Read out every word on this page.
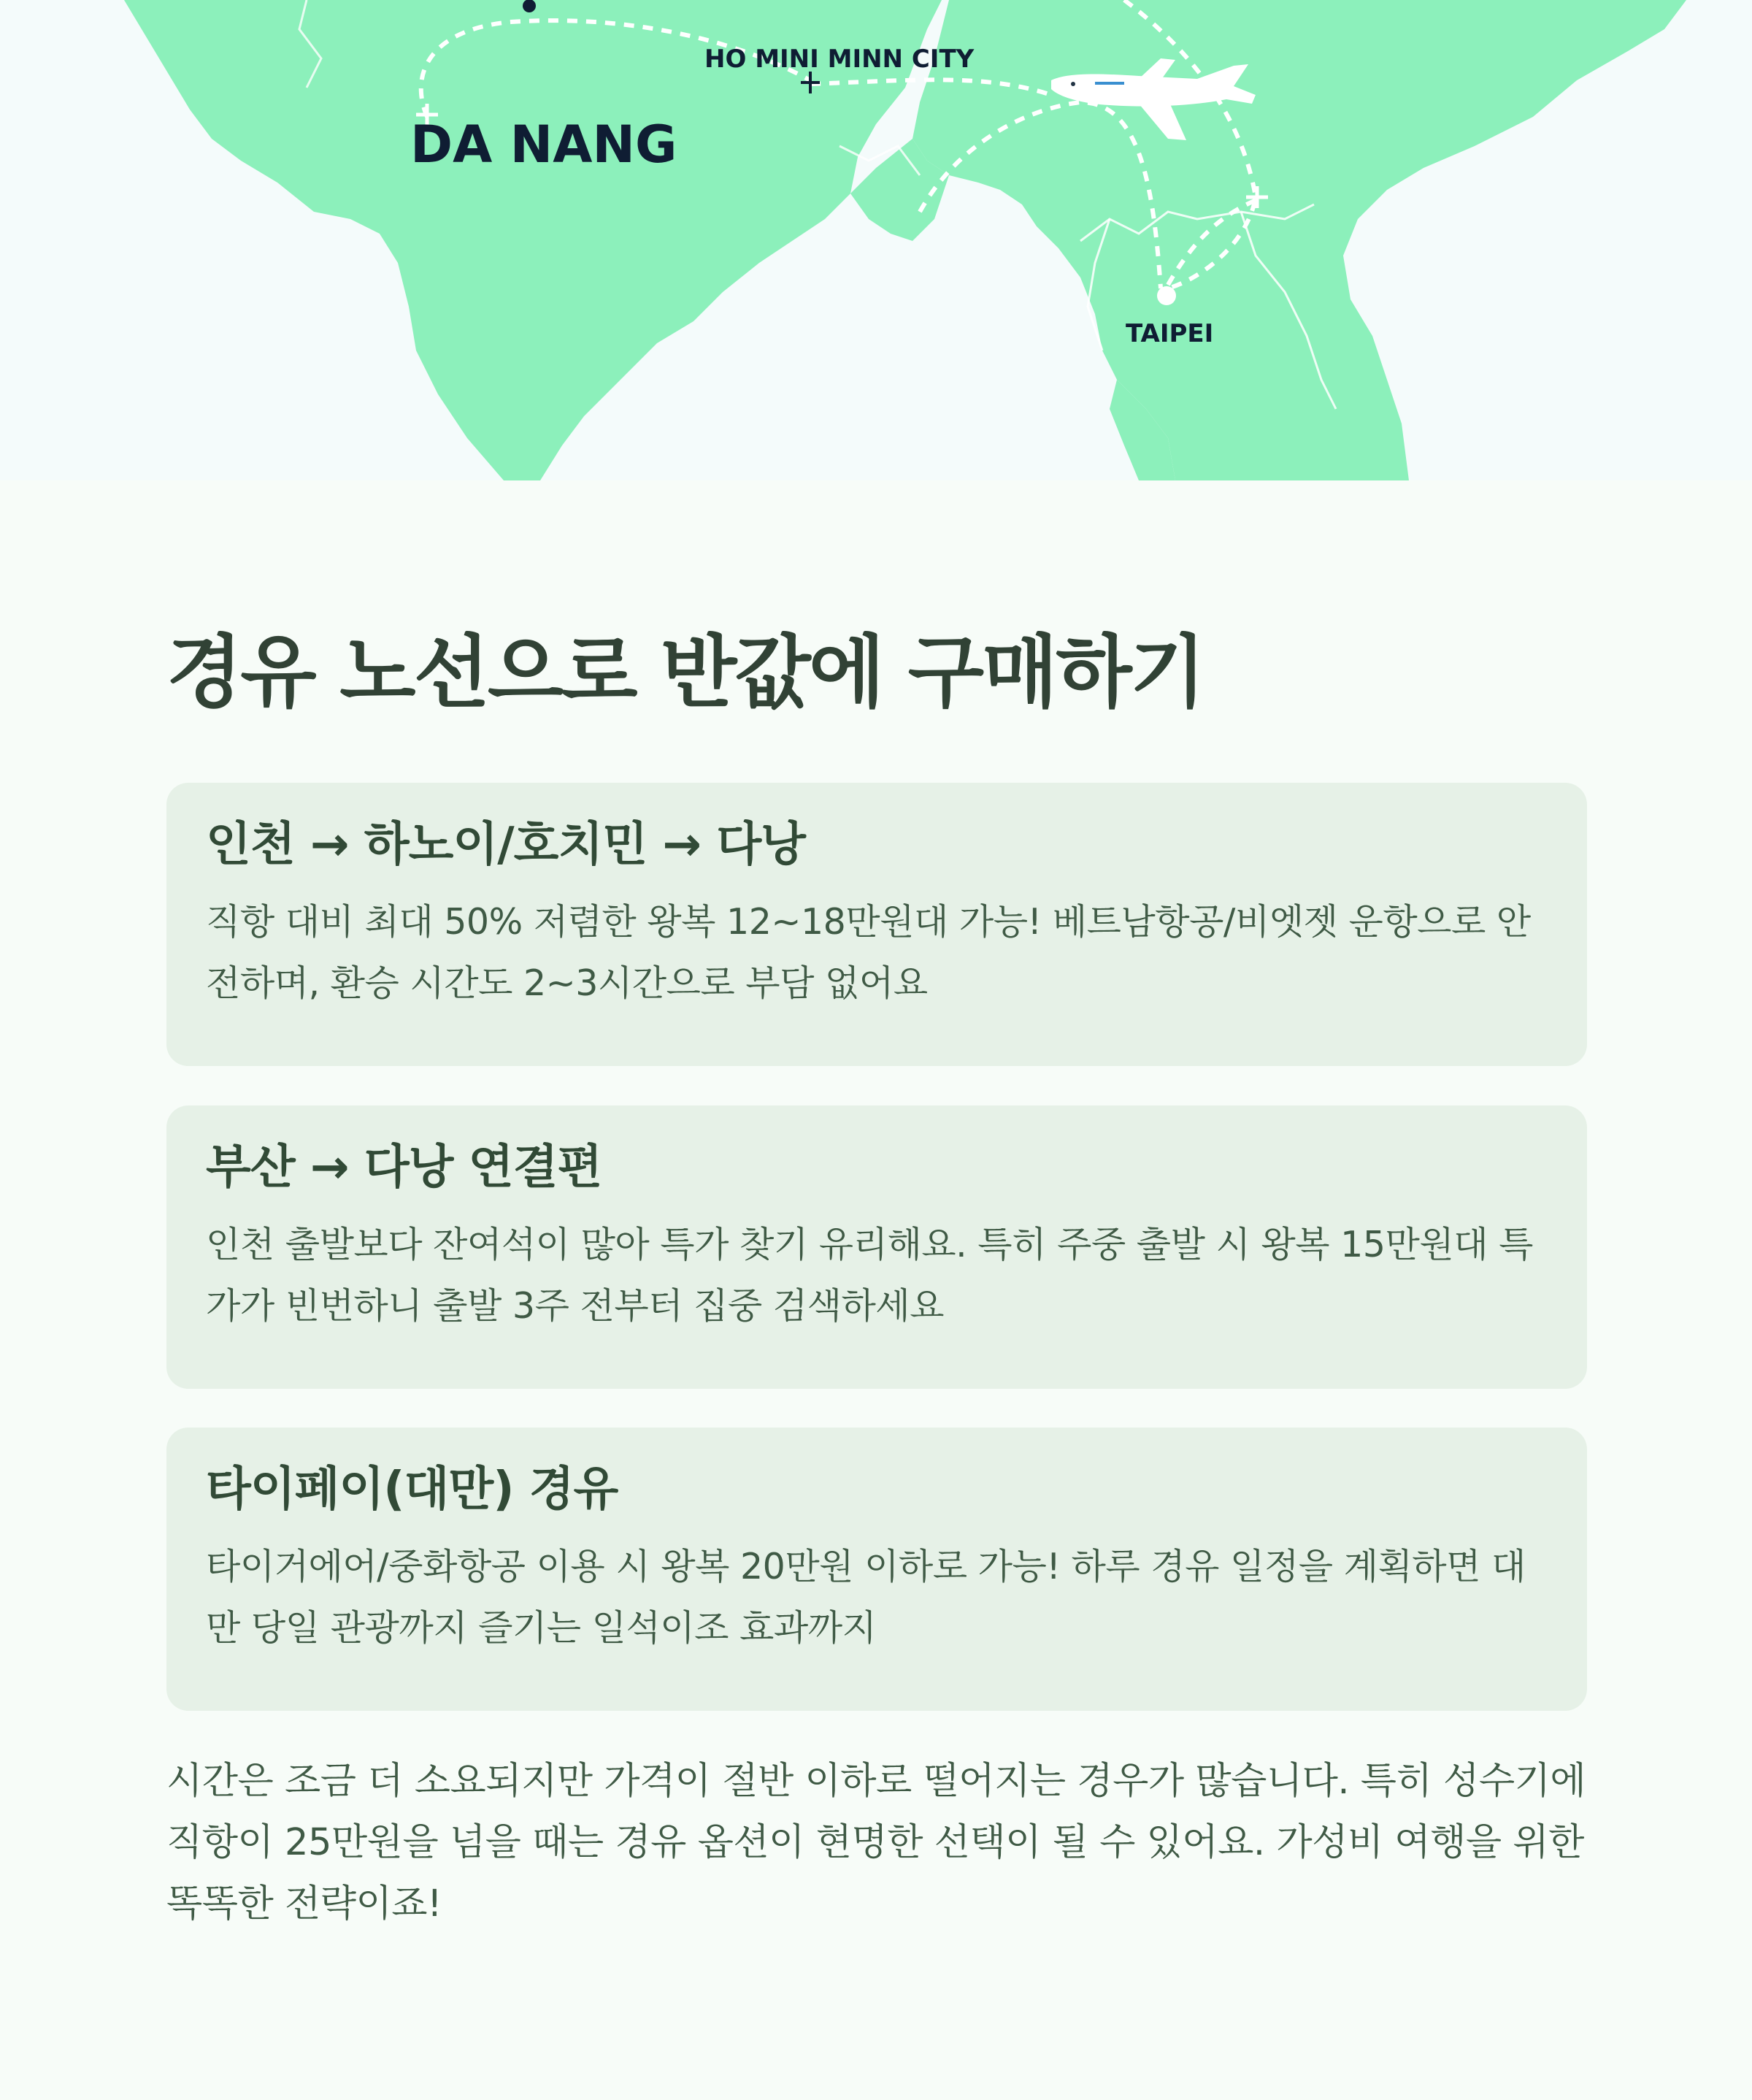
DA NANG
HO MINI MINN CITY
TAIPEI
경유 노선으로 반값에 구매하기
인천 → 하노이/호치민 → 다낭

직항 대비 최대 50% 저렴한 왕복 12~18만원대 가능! 베트남항공/비엣젯 운항으로 안전하며, 환승 시간도 2~3시간으로 부담 없어요

부산 → 다낭 연결편

인천 출발보다 잔여석이 많아 특가 찾기 유리해요. 특히 주중 출발 시 왕복 15만원대 특가가 빈번하니 출발 3주 전부터 집중 검색하세요

타이페이(대만) 경유

타이거에어/중화항공 이용 시 왕복 20만원 이하로 가능! 하루 경유 일정을 계획하면 대만 당일 관광까지 즐기는 일석이조 효과까지

시간은 조금 더 소요되지만 가격이 절반 이하로 떨어지는 경우가 많습니다. 특히 성수기에 직항이 25만원을 넘을 때는 경유 옵션이 현명한 선택이 될 수 있어요. 가성비 여행을 위한 똑똑한 전략이죠!
